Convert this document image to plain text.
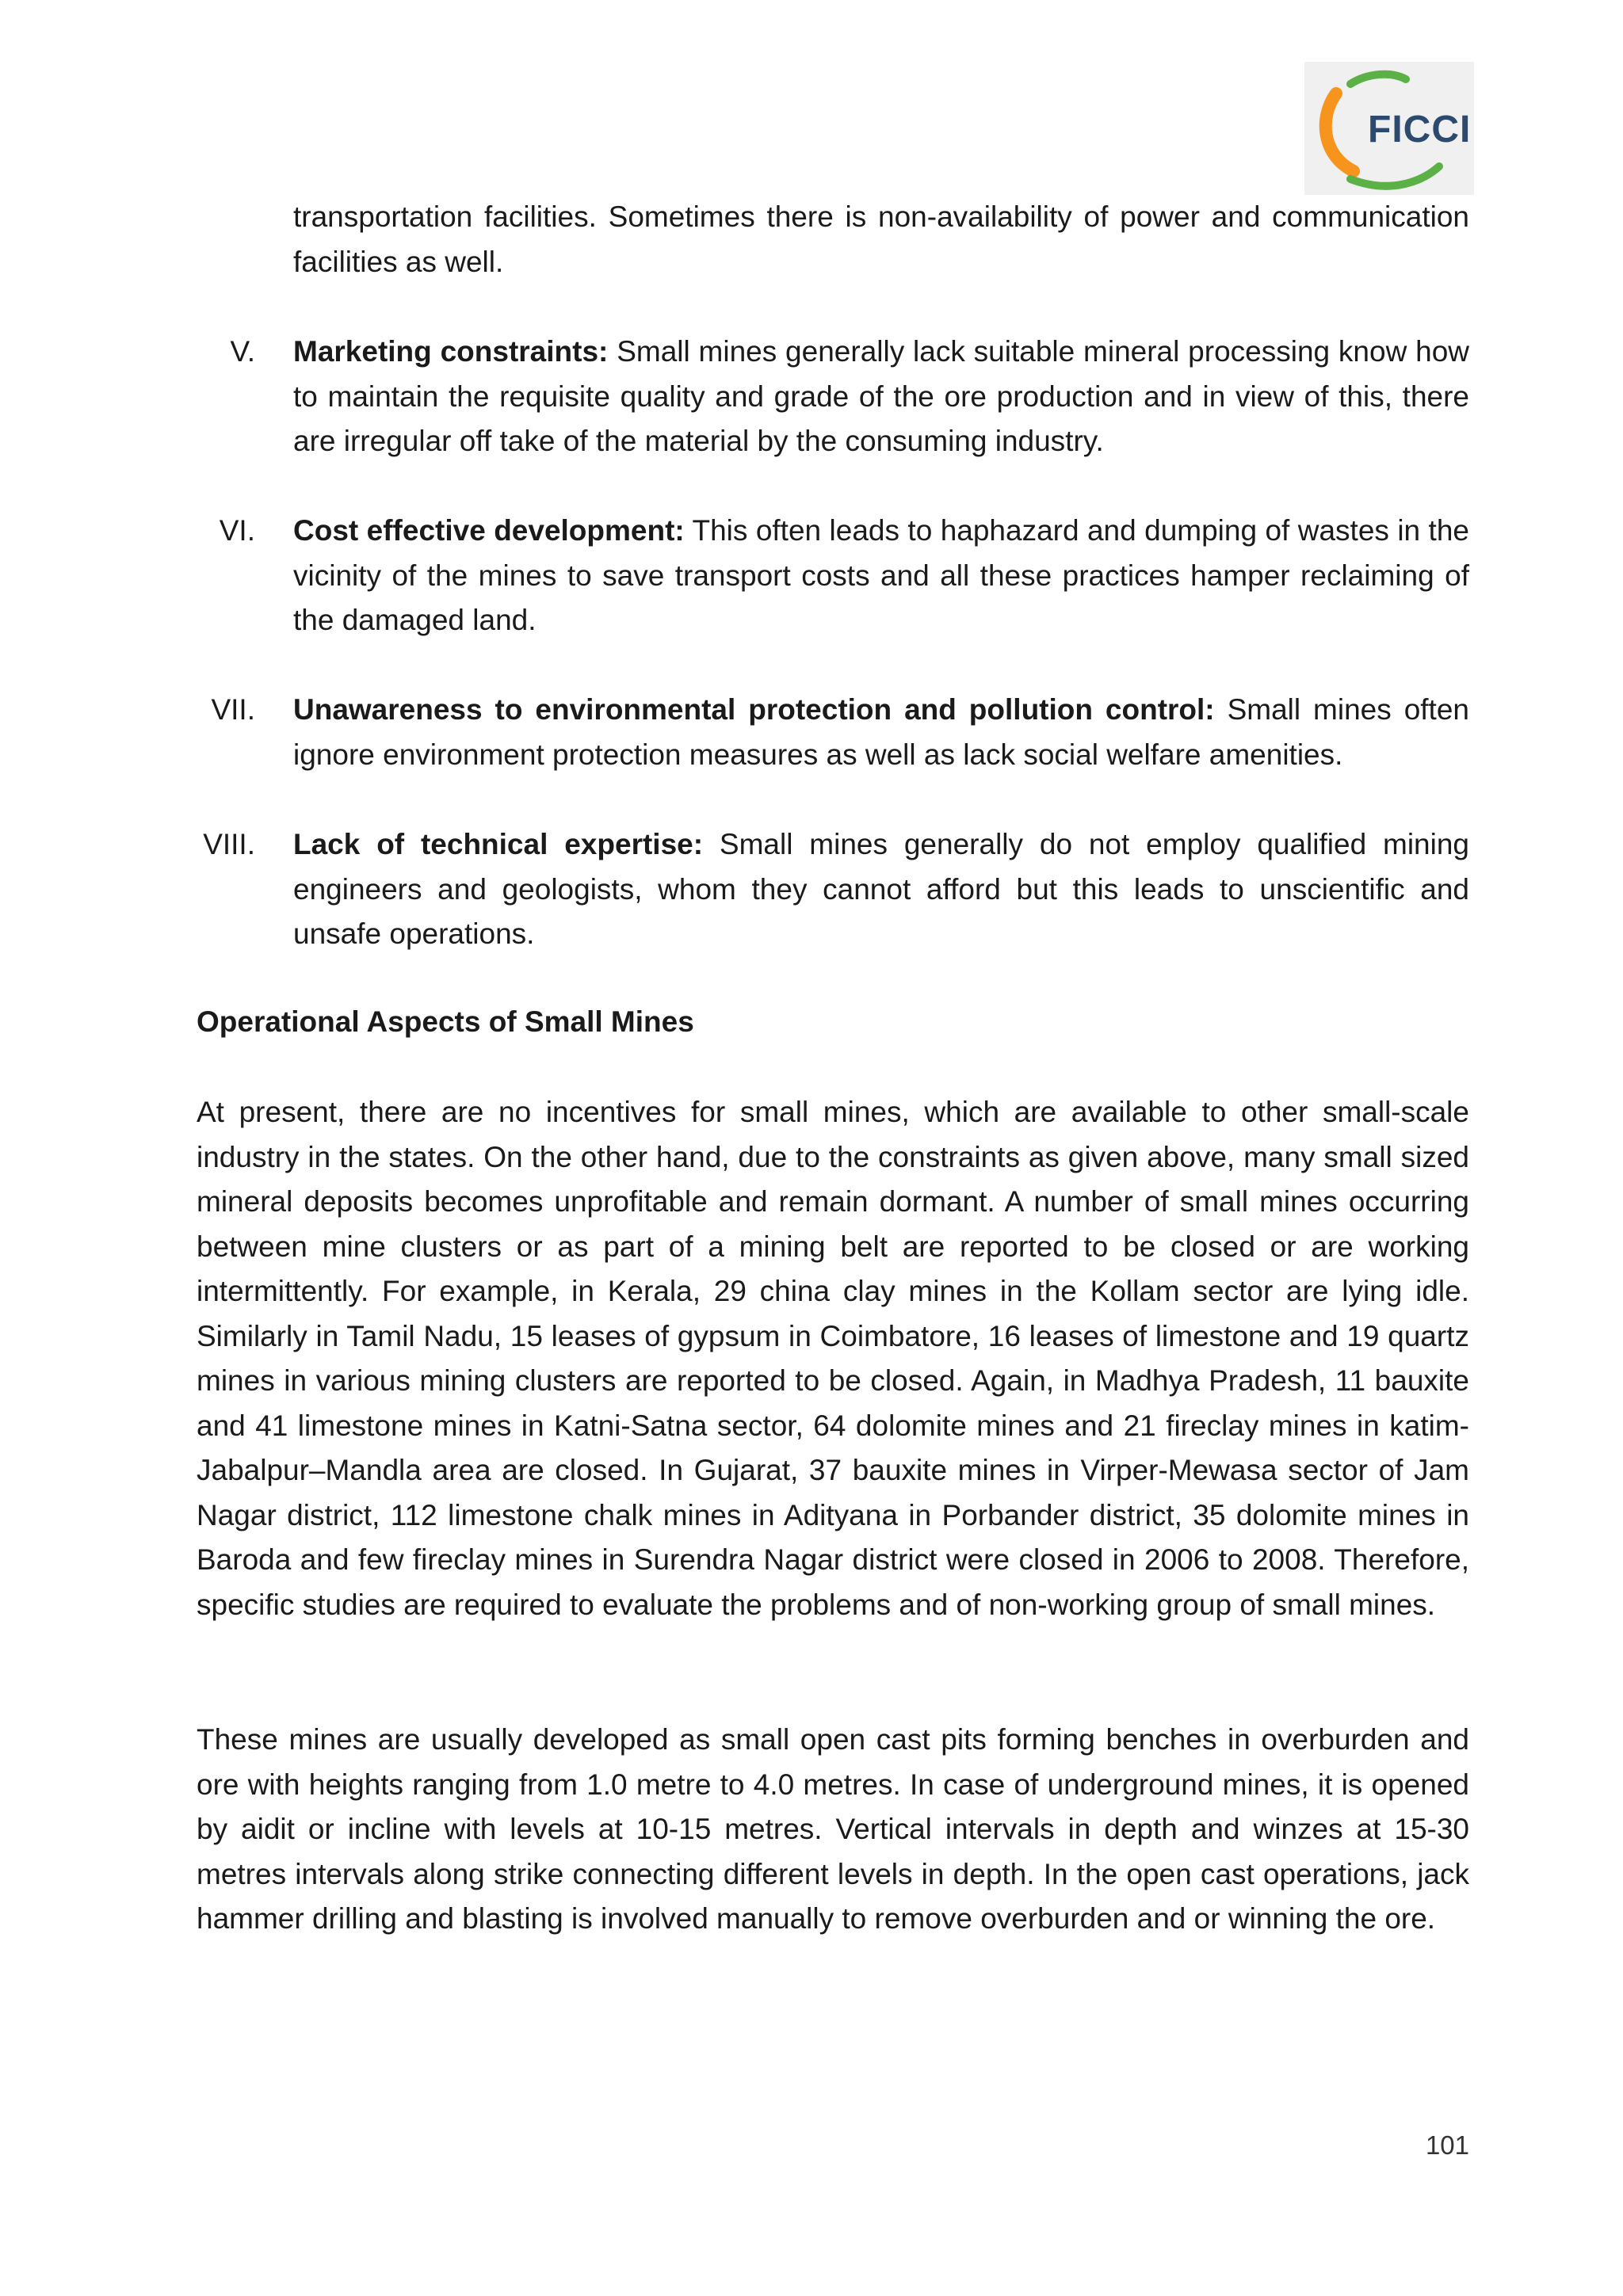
FICCI
transportation facilities. Sometimes there is non-availability of power and communication facilities as well.
V. Marketing constraints: Small mines generally lack suitable mineral processing know how to maintain the requisite quality and grade of the ore production and in view of this, there are irregular off take of the material by the consuming industry.
VI. Cost effective development: This often leads to haphazard and dumping of wastes in the vicinity of the mines to save transport costs and all these practices hamper reclaiming of the damaged land.
VII. Unawareness to environmental protection and pollution control: Small mines often ignore environment protection measures as well as lack social welfare amenities.
VIII. Lack of technical expertise: Small mines generally do not employ qualified mining engineers and geologists, whom they cannot afford but this leads to unscientific and unsafe operations.
Operational Aspects of Small Mines
At present, there are no incentives for small mines, which are available to other small-scale industry in the states. On the other hand, due to the constraints as given above, many small sized mineral deposits becomes unprofitable and remain dormant. A number of small mines occurring between mine clusters or as part of a mining belt are reported to be closed or are working intermittently. For example, in Kerala, 29 china clay mines in the Kollam sector are lying idle. Similarly in Tamil Nadu, 15 leases of gypsum in Coimbatore, 16 leases of limestone and 19 quartz mines in various mining clusters are reported to be closed. Again, in Madhya Pradesh, 11 bauxite and 41 limestone mines in Katni-Satna sector, 64 dolomite mines and 21 fireclay mines in katim-Jabalpur–Mandla area are closed. In Gujarat, 37 bauxite mines in Virper-Mewasa sector of Jam Nagar district, 112 limestone chalk mines in Adityana in Porbander district, 35 dolomite mines in Baroda and few fireclay mines in Surendra Nagar district were closed in 2006 to 2008. Therefore, specific studies are required to evaluate the problems and of non-working group of small mines.
These mines are usually developed as small open cast pits forming benches in overburden and ore with heights ranging from 1.0 metre to 4.0 metres. In case of underground mines, it is opened by aidit or incline with levels at 10-15 metres. Vertical intervals in depth and winzes at 15-30 metres intervals along strike connecting different levels in depth. In the open cast operations, jack hammer drilling and blasting is involved manually to remove overburden and or winning the ore.
101
